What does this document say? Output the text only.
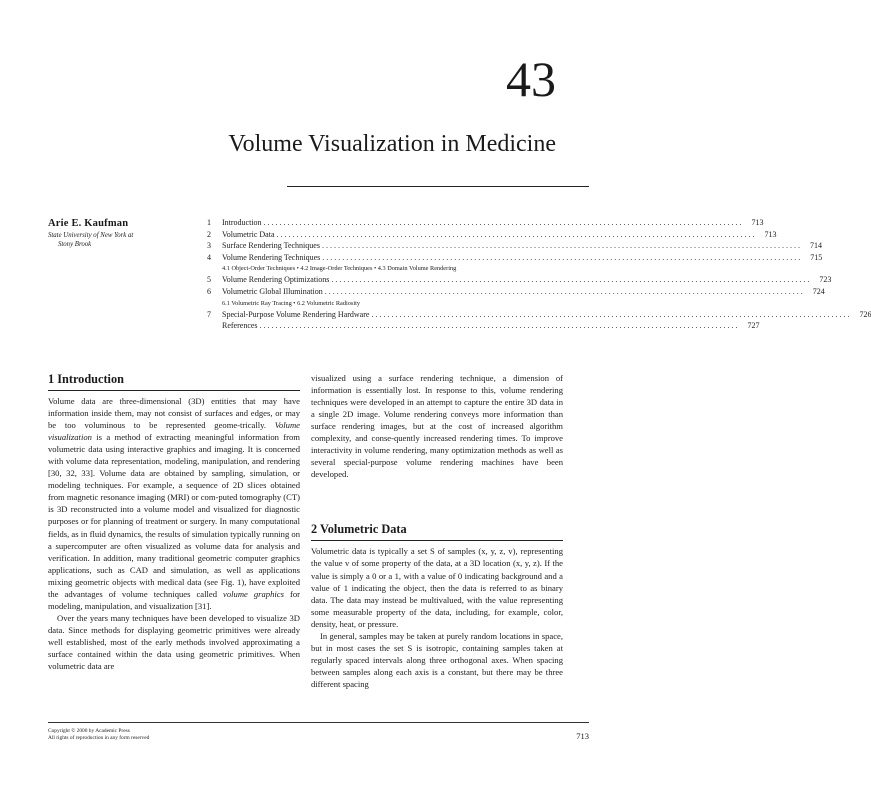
43
Volume Visualization in Medicine
Arie E. Kaufman
State University of New York at
Stony Brook
1	Introduction ........................................................................................................................	713
2	Volumetric Data ........................................................................................................................	713
3	Surface Rendering Techniques ........................................................................................................................	714
4	Volume Rendering Techniques ........................................................................................................................	715
4.1 Object-Order Techniques • 4.2 Image-Order Techniques • 4.3 Domain Volume Rendering
5	Volume Rendering Optimizations ........................................................................................................................	723
6	Volumetric Global Illumination ........................................................................................................................	724
6.1 Volumetric Ray Tracing • 6.2 Volumetric Radiosity
7	Special-Purpose Volume Rendering Hardware ........................................................................................................................	726
References ........................................................................................................................	727
1 Introduction

Volume data are three-dimensional (3D) entities that may have information inside them, may not consist of surfaces and edges, or may be too voluminous to be represented geome-trically. Volume visualization is a method of extracting meaningful information from volumetric data using interactive graphics and imaging. It is concerned with volume data representation, modeling, manipulation, and rendering [30, 32, 33]. Volume data are obtained by sampling, simulation, or modeling techniques. For example, a sequence of 2D slices obtained from magnetic resonance imaging (MRI) or com-puted tomography (CT) is 3D reconstructed into a volume model and visualized for diagnostic purposes or for planning of treatment or surgery. In many computational fields, as in fluid dynamics, the results of simulation typically running on a supercomputer are often visualized as volume data for analysis and verification. In addition, many traditional geometric computer graphics applications, such as CAD and simulation, as well as applications mixing geometric objects with medical data (see Fig. 1), have exploited the advantages of volume techniques called volume graphics for modeling, manipulation, and visualization [31].

Over the years many techniques have been developed to visualize 3D data. Since methods for displaying geometric primitives were already well established, most of the early methods involved approximating a surface contained within the data using geometric primitives. When volumetric data are

visualized using a surface rendering technique, a dimension of information is essentially lost. In response to this, volume rendering techniques were developed in an attempt to capture the entire 3D data in a single 2D image. Volume rendering conveys more information than surface rendering images, but at the cost of increased algorithm complexity, and conse-quently increased rendering times. To improve interactivity in volume rendering, many optimization methods as well as several special-purpose volume rendering machines have been developed.

2 Volumetric Data

Volumetric data is typically a set S of samples (x, y, z, v), representing the value v of some property of the data, at a 3D location (x, y, z). If the value is simply a 0 or a 1, with a value of 0 indicating background and a value of 1 indicating the object, then the data is referred to as binary data. The data may instead be multivalued, with the value representing some measurable property of the data, including, for example, color, density, heat, or pressure.

In general, samples may be taken at purely random locations in space, but in most cases the set S is isotropic, containing samples taken at regularly spaced intervals along three orthogonal axes. When spacing between samples along each axis is a constant, but there may be three different spacing

Copyright © 2000 by Academic Press
All rights of reproduction in any form reserved	713
